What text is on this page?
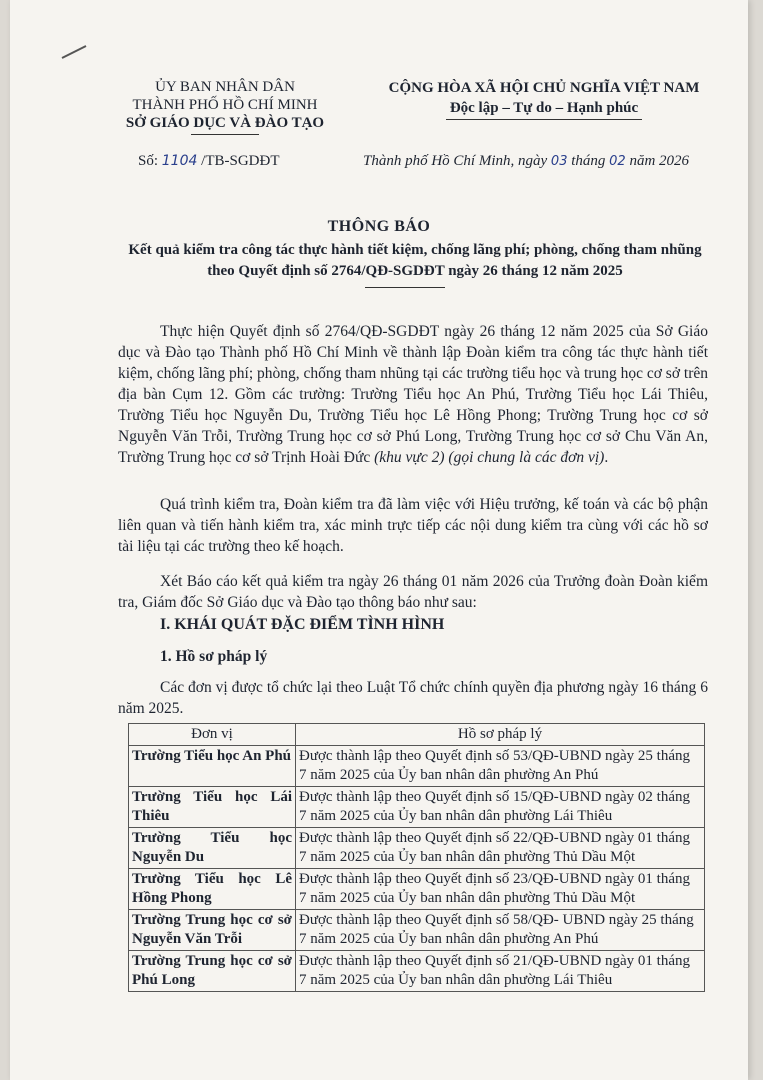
ỦY BAN NHÂN DÂN
THÀNH PHỐ HỒ CHÍ MINH
SỞ GIÁO DỤC VÀ ĐÀO TẠO
CỘNG HÒA XÃ HỘI CHỦ NGHĨA VIỆT NAM
Độc lập – Tự do – Hạnh phúc
Số: 1104 /TB-SGDĐT	Thành phố Hồ Chí Minh, ngày 03 tháng 02 năm 2026
THÔNG BÁO
Kết quả kiểm tra công tác thực hành tiết kiệm, chống lãng phí; phòng, chống tham nhũng theo Quyết định số 2764/QĐ-SGDĐT ngày 26 tháng 12 năm 2025

Thực hiện Quyết định số 2764/QĐ-SGDĐT ngày 26 tháng 12 năm 2025 của Sở Giáo dục và Đào tạo Thành phố Hồ Chí Minh về thành lập Đoàn kiểm tra công tác thực hành tiết kiệm, chống lãng phí; phòng, chống tham nhũng tại các trường tiểu học và trung học cơ sở trên địa bàn Cụm 12. Gồm các trường: Trường Tiểu học An Phú, Trường Tiểu học Lái Thiêu, Trường Tiểu học Nguyễn Du, Trường Tiểu học Lê Hồng Phong; Trường Trung học cơ sở Nguyễn Văn Trỗi, Trường Trung học cơ sở Phú Long, Trường Trung học cơ sở Chu Văn An, Trường Trung học cơ sở Trịnh Hoài Đức (khu vực 2) (gọi chung là các đơn vị).

Quá trình kiểm tra, Đoàn kiểm tra đã làm việc với Hiệu trưởng, kế toán và các bộ phận liên quan và tiến hành kiểm tra, xác minh trực tiếp các nội dung kiểm tra cùng với các hồ sơ tài liệu tại các trường theo kế hoạch.

Xét Báo cáo kết quả kiểm tra ngày 26 tháng 01 năm 2026 của Trưởng đoàn Đoàn kiểm tra, Giám đốc Sở Giáo dục và Đào tạo thông báo như sau:

I. KHÁI QUÁT ĐẶC ĐIỂM TÌNH HÌNH
1. Hồ sơ pháp lý

Các đơn vị được tổ chức lại theo Luật Tổ chức chính quyền địa phương ngày 16 tháng 6 năm 2025.

Đơn vị	Hồ sơ pháp lý
Trường Tiểu học An Phú	Được thành lập theo Quyết định số 53/QĐ-UBND ngày 25 tháng 7 năm 2025 của Ủy ban nhân dân phường An Phú
Trường Tiểu học Lái Thiêu	Được thành lập theo Quyết định số 15/QĐ-UBND ngày 02 tháng 7 năm 2025 của Ủy ban nhân dân phường Lái Thiêu
Trường Tiểu học Nguyễn Du	Được thành lập theo Quyết định số 22/QĐ-UBND ngày 01 tháng 7 năm 2025 của Ủy ban nhân dân phường Thủ Dầu Một
Trường Tiểu học Lê Hồng Phong	Được thành lập theo Quyết định số 23/QĐ-UBND ngày 01 tháng 7 năm 2025 của Ủy ban nhân dân phường Thủ Dầu Một
Trường Trung học cơ sở Nguyễn Văn Trỗi	Được thành lập theo Quyết định số 58/QĐ- UBND ngày 25 tháng 7 năm 2025 của Ủy ban nhân dân phường An Phú
Trường Trung học cơ sở Phú Long	Được thành lập theo Quyết định số 21/QĐ-UBND ngày 01 tháng 7 năm 2025 của Ủy ban nhân dân phường Lái Thiêu
